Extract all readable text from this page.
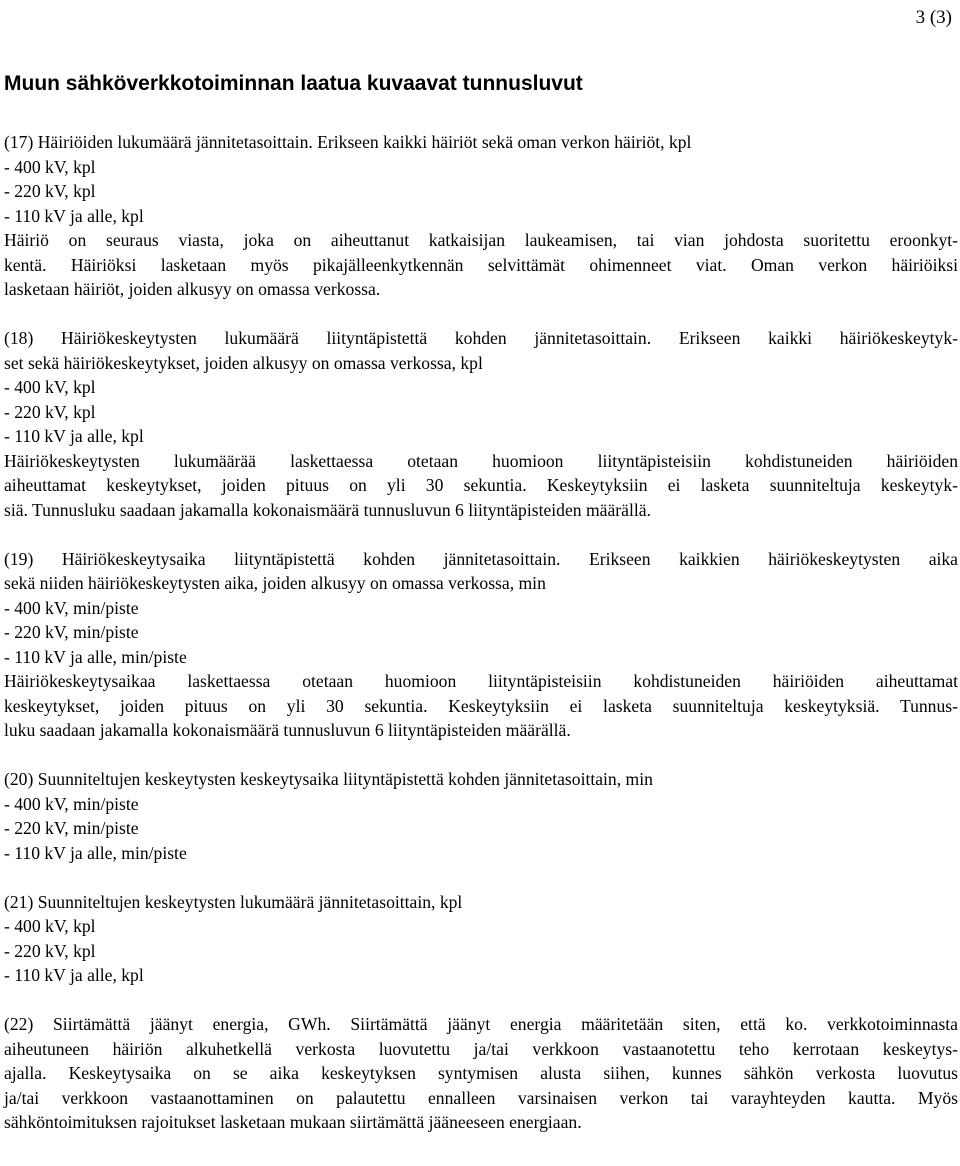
3 (3)
Muun sähköverkkotoiminnan laatua kuvaavat tunnusluvut
(17) Häiriöiden lukumäärä jännitetasoittain. Erikseen kaikki häiriöt sekä oman verkon häiriöt, kpl
- 400 kV, kpl
- 220 kV, kpl
- 110 kV ja alle, kpl
Häiriö on seuraus viasta, joka on aiheuttanut katkaisijan laukeamisen, tai vian johdosta suoritettu eroonkyt-
kentä. Häiriöksi lasketaan myös pikajälleenkytkennän selvittämät ohimenneet viat. Oman verkon häiriöiksi
lasketaan häiriöt, joiden alkusyy on omassa verkossa.
(18) Häiriökeskeytysten lukumäärä liityntäpistettä kohden jännitetasoittain. Erikseen kaikki häiriökeskeytyk-
set sekä häiriökeskeytykset, joiden alkusyy on omassa verkossa, kpl
- 400 kV, kpl
- 220 kV, kpl
- 110 kV ja alle, kpl
Häiriökeskeytysten lukumäärää laskettaessa otetaan huomioon liityntäpisteisiin kohdistuneiden häiriöiden
aiheuttamat keskeytykset, joiden pituus on yli 30 sekuntia. Keskeytyksiin ei lasketa suunniteltuja keskeytyk-
siä. Tunnusluku saadaan jakamalla kokonaismäärä tunnusluvun 6 liityntäpisteiden määrällä.
(19) Häiriökeskeytysaika liityntäpistettä kohden jännitetasoittain. Erikseen kaikkien häiriökeskeytysten aika
sekä niiden häiriökeskeytysten aika, joiden alkusyy on omassa verkossa, min
- 400 kV, min/piste
- 220 kV, min/piste
- 110 kV ja alle, min/piste
Häiriökeskeytysaikaa laskettaessa otetaan huomioon liityntäpisteisiin kohdistuneiden häiriöiden aiheuttamat
keskeytykset, joiden pituus on yli 30 sekuntia. Keskeytyksiin ei lasketa suunniteltuja keskeytyksiä. Tunnus-
luku saadaan jakamalla kokonaismäärä tunnusluvun 6 liityntäpisteiden määrällä.
(20) Suunniteltujen keskeytysten keskeytysaika liityntäpistettä kohden jännitetasoittain, min
- 400 kV, min/piste
- 220 kV, min/piste
- 110 kV ja alle, min/piste
(21) Suunniteltujen keskeytysten lukumäärä jännitetasoittain, kpl
- 400 kV, kpl
- 220 kV, kpl
- 110 kV ja alle, kpl
(22) Siirtämättä jäänyt energia, GWh. Siirtämättä jäänyt energia määritetään siten, että ko. verkkotoiminnasta
aiheutuneen häiriön alkuhetkellä verkosta luovutettu ja/tai verkkoon vastaanotettu teho kerrotaan keskeytys-
ajalla. Keskeytysaika on se aika keskeytyksen syntymisen alusta siihen, kunnes sähkön verkosta luovutus
ja/tai verkkoon vastaanottaminen on palautettu ennalleen varsinaisen verkon tai varayhteyden kautta. Myös
sähköntoimituksen rajoitukset lasketaan mukaan siirtämättä jääneeseen energiaan.
